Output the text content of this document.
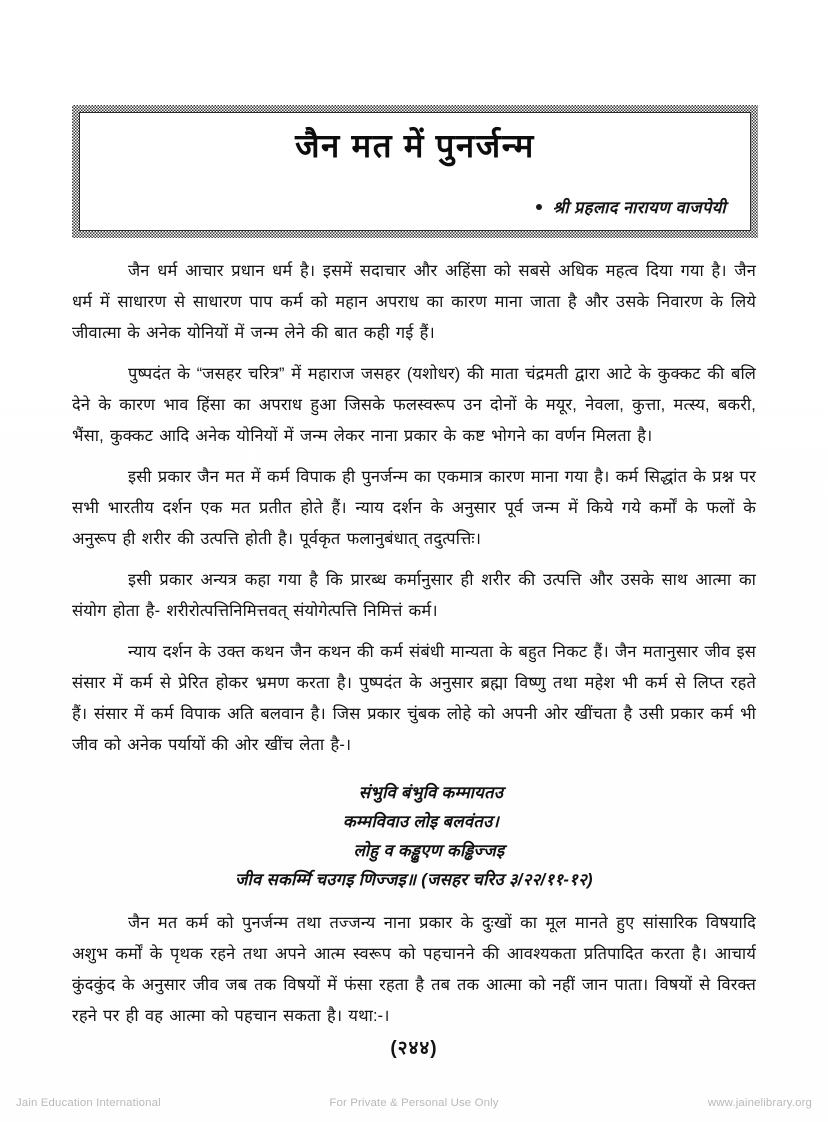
जैन मत में पुनर्जन्म
श्री प्रहलाद नारायण वाजपेयी

जैन धर्म आचार प्रधान धर्म है। इसमें सदाचार और अहिंसा को सबसे अधिक महत्व दिया गया है। जैन धर्म में साधारण से साधारण पाप कर्म को महान अपराध का कारण माना जाता है और उसके निवारण के लिये जीवात्मा के अनेक योनियों में जन्म लेने की बात कही गई हैं।

पुष्पदंत के “जसहर चरित्र” में महाराज जसहर (यशोधर) की माता चंद्रमती द्वारा आटे के कुक्कट की बलि देने के कारण भाव हिंसा का अपराध हुआ जिसके फलस्वरूप उन दोनों के मयूर, नेवला, कुत्ता, मत्स्य, बकरी, भैंसा, कुक्कट आदि अनेक योनियों में जन्म लेकर नाना प्रकार के कष्ट भोगने का वर्णन मिलता है।

इसी प्रकार जैन मत में कर्म विपाक ही पुनर्जन्म का एकमात्र कारण माना गया है। कर्म सिद्धांत के प्रश्न पर सभी भारतीय दर्शन एक मत प्रतीत होते हैं। न्याय दर्शन के अनुसार पूर्व जन्म में किये गये कर्मों के फलों के अनुरूप ही शरीर की उत्पत्ति होती है। पूर्वकृत फलानुबंधात् तदुत्पत्तिः।

इसी प्रकार अन्यत्र कहा गया है कि प्रारब्ध कर्मानुसार ही शरीर की उत्पत्ति और उसके साथ आत्मा का संयोग होता है- शरीरोत्पत्तिनिमित्तवत् संयोगेत्पत्ति निमित्तं कर्म।

न्याय दर्शन के उक्त कथन जैन कथन की कर्म संबंधी मान्यता के बहुत निकट हैं। जैन मतानुसार जीव इस संसार में कर्म से प्रेरित होकर भ्रमण करता है। पुष्पदंत के अनुसार ब्रह्मा विष्णु तथा महेश भी कर्म से लिप्त रहते हैं। संसार में कर्म विपाक अति बलवान है। जिस प्रकार चुंबक लोहे को अपनी ओर खींचता है उसी प्रकार कर्म भी जीव को अनेक पर्यायों की ओर खींच लेता है-।

संभुवि बंभुवि कम्मायतउ
कम्मविवाउ लोइ बलवंतउ।
लोहु व कड्ढुएण कड्ढिज्जइ
जीव सकर्म्मि चउगइ णिज्जइ॥ (जसहर चरिउ ३/२२/११-१२)

जैन मत कर्म को पुनर्जन्म तथा तज्जन्य नाना प्रकार के दुःखों का मूल मानते हुए सांसारिक विषयादि अशुभ कर्मों के पृथक रहने तथा अपने आत्म स्वरूप को पहचानने की आवश्यकता प्रतिपादित करता है। आचार्य कुंदकुंद के अनुसार जीव जब तक विषयों में फंसा रहता है तब तक आत्मा को नहीं जान पाता। विषयों से विरक्त रहने पर ही वह आत्मा को पहचान सकता है। यथा:-।

(२४४)
Jain Education International	For Private & Personal Use Only	www.jainelibrary.org
